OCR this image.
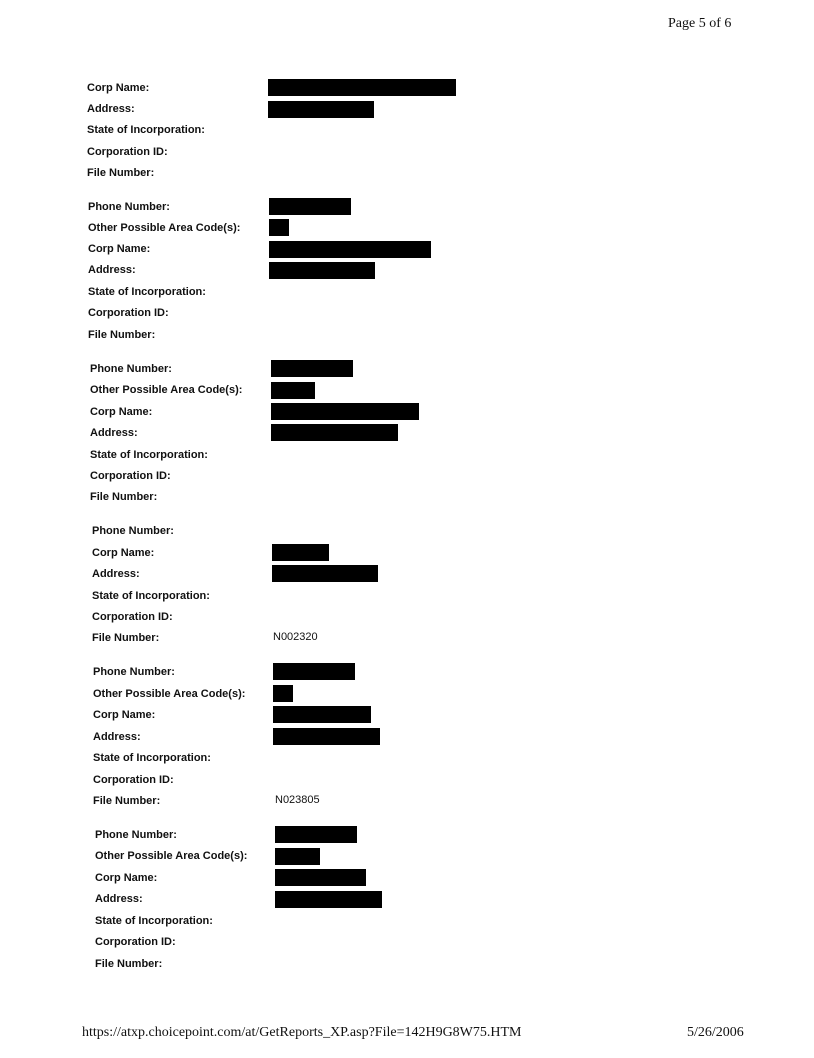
Page 5 of 6
Corp Name:
Address:
State of Incorporation:
Corporation ID:
File Number:
Phone Number:
Other Possible Area Code(s):
Corp Name:
Address:
State of Incorporation:
Corporation ID:
File Number:
Phone Number:
Other Possible Area Code(s):
Corp Name:
Address:
State of Incorporation:
Corporation ID:
File Number:
Phone Number:
Corp Name:
Address:
State of Incorporation:
Corporation ID:
File Number:	N002320
Phone Number:
Other Possible Area Code(s):
Corp Name:
Address:
State of Incorporation:
Corporation ID:
File Number:	N023805
Phone Number:
Other Possible Area Code(s):
Corp Name:
Address:
State of Incorporation:
Corporation ID:
File Number:
https://atxp.choicepoint.com/at/GetReports_XP.asp?File=142H9G8W75.HTM	5/26/2006
